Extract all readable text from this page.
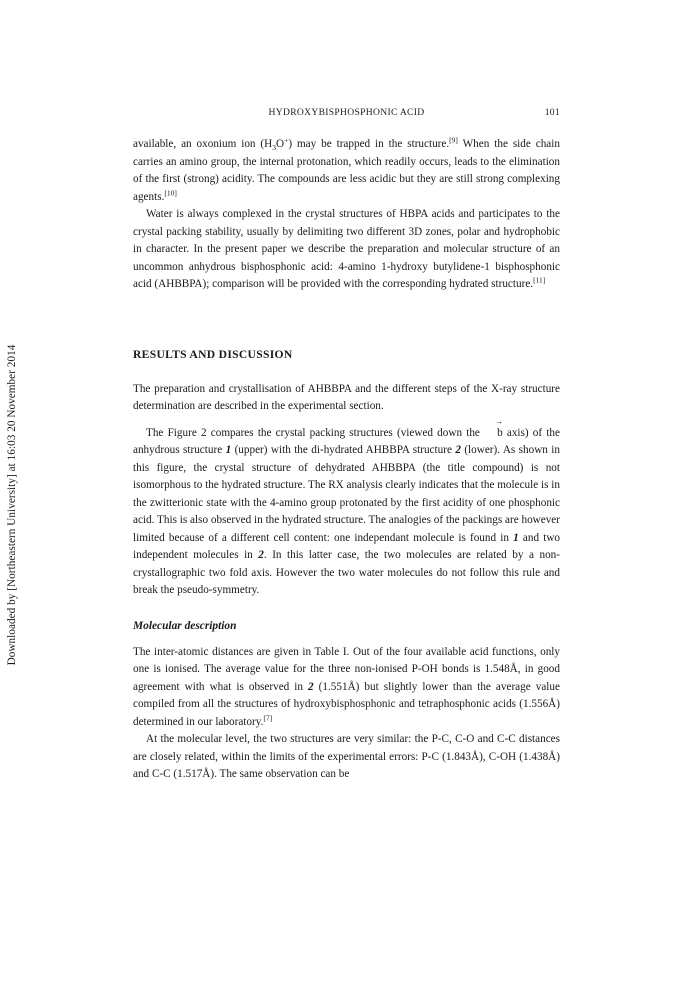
Downloaded by [Northeastern University] at 16:03 20 November 2014
HYDROXYBISPHOSPHONIC ACID	101

available, an oxonium ion $(H_3O^+)$ may be trapped in the structure.[9] When the side chain carries an amino group, the internal protonation, which readily occurs, leads to the elimination of the first (strong) acidity. The compounds are less acidic but they are still strong complexing agents.[10]

Water is always complexed in the crystal structures of HBPA acids and participates to the crystal packing stability, usually by delimiting two different 3D zones, polar and hydrophobic in character. In the present paper we describe the preparation and molecular structure of an uncommon anhydrous bisphosphonic acid: 4-amino 1-hydroxy butylidene-1 bisphosphonic acid (AHBBPA); comparison will be provided with the corresponding hydrated structure.[11]

RESULTS AND DISCUSSION

The preparation and crystallisation of AHBBPA and the different steps of the X-ray structure determination are described in the experimental section.

The Figure 2 compares the crystal packing structures (viewed down the → b axis) of the anhydrous structure 1 (upper) with the di-hydrated AHBBPA structure 2 (lower). As shown in this figure, the crystal structure of dehydrated AHBBPA (the title compound) is not isomorphous to the hydrated structure. The RX analysis clearly indicates that the molecule is in the zwitterionic state with the 4-amino group protonated by the first acidity of one phosphonic acid. This is also observed in the hydrated structure. The analogies of the packings are however limited because of a different cell content: one independant molecule is found in 1 and two independent molecules in 2. In this latter case, the two molecules are related by a non-crystallographic two fold axis. However the two water molecules do not follow this rule and break the pseudo-symmetry.

Molecular description

The inter-atomic distances are given in Table I. Out of the four available acid functions, only one is ionised. The average value for the three non-ionised P-OH bonds is 1.548Å, in good agreement with what is observed in 2 (1.551Å) but slightly lower than the average value compiled from all the structures of hydroxybisphosphonic and tetraphosphonic acids (1.556Å) determined in our laboratory.[7]

At the molecular level, the two structures are very similar: the P-C, C-O and C-C distances are closely related, within the limits of the experimental errors: P-C (1.843Å), C-OH (1.438Å) and C-C (1.517Å). The same observation can be
